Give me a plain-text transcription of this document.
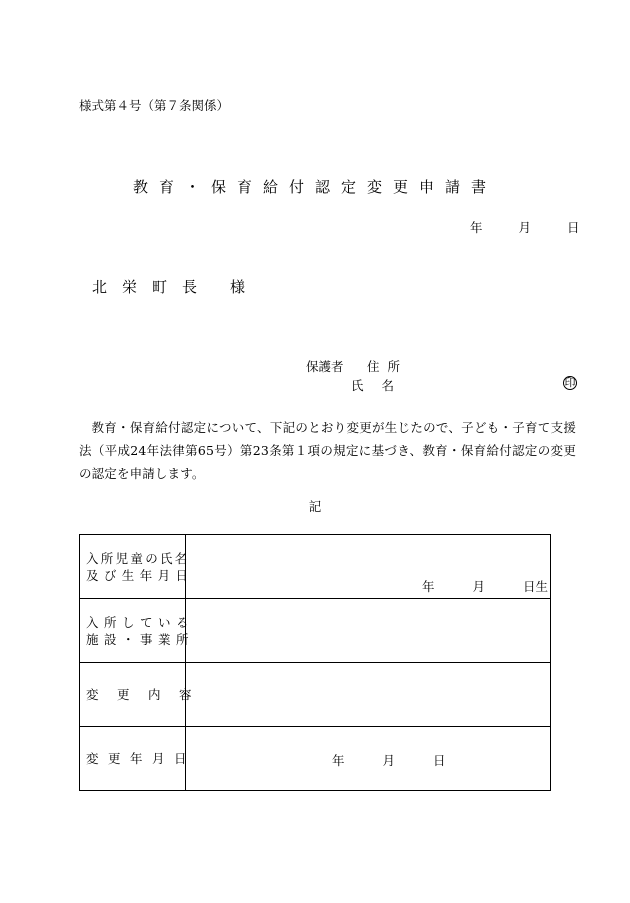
様式第４号（第７条関係）
教育・保育給付認定変更申請書
年	月	日
北栄町長 様
保護者 住所
氏名	印
教育・保育給付認定について、下記のとおり変更が生じたので、子ども・子育て支援法（平成24年法律第65号）第23条第１項の規定に基づき、教育・保育給付認定の変更の認定を申請します。
記
入所児童の氏名
及び生年月日	年 月 日生

入所している
施設・事業所	

変更内容	

変更年月日	年 月 日
